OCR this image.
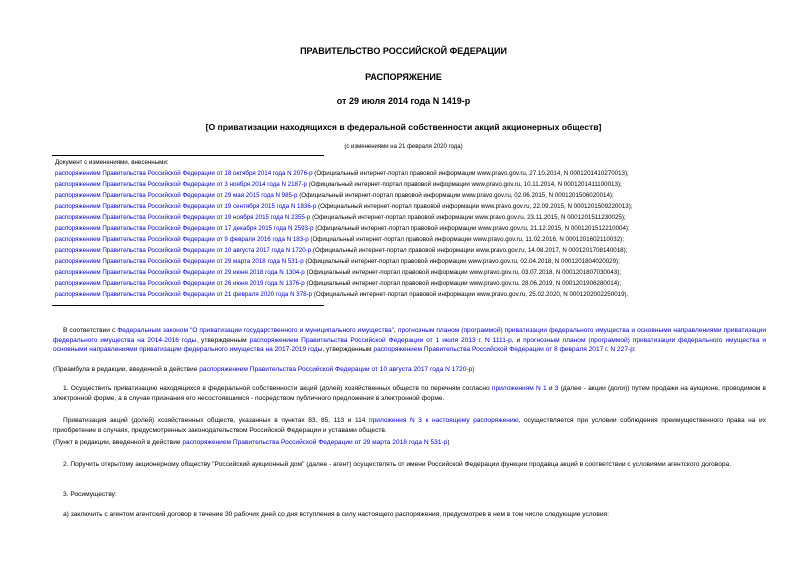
ПРАВИТЕЛЬСТВО РОССИЙСКОЙ ФЕДЕРАЦИИ
РАСПОРЯЖЕНИЕ
от 29 июля 2014 года N 1419-р
[О приватизации находящихся в федеральной собственности акций акционерных обществ]
(с изменениями на 21 февраля 2020 года)
Документ с изменениями, внесенными:
распоряжением Правительства Российской Федерации от 18 октября 2014 года N 2076-р (Официальный интернет-портал правовой информации www.pravo.gov.ru, 27.10.2014, N 0001201410270013);
распоряжением Правительства Российской Федерации от 3 ноября 2014 года N 2187-р (Официальный интернет-портал правовой информации www.pravo.gov.ru, 10.11.2014, N 0001201411100013);
распоряжением Правительства Российской Федерации от 29 мая 2015 года N 985-р (Официальный интернет-портал правовой информации www.pravo.gov.ru, 02.06.2015, N 0001201506020014);
распоряжением Правительства Российской Федерации от 19 сентября 2015 года N 1836-р (Официальный интернет-портал правовой информации www.pravo.gov.ru, 22.09.2015, N 0001201509220013);
распоряжением Правительства Российской Федерации от 19 ноября 2015 года N 2355-р (Официальный интернет-портал правовой информации www.pravo.gov.ru, 23.11.2015, N 0001201511230025);
распоряжением Правительства Российской Федерации от 17 декабря 2015 года N 2593-р (Официальный интернет-портал правовой информации www.pravo.gov.ru, 21.12.2015, N 0001201512210004);
распоряжением Правительства Российской Федерации от 9 февраля 2016 года N 183-р (Официальный интернет-портал правовой информации www.pravo.gov.ru, 11.02.2016, N 0001201602110032);
распоряжением Правительства Российской Федерации от 10 августа 2017 года N 1720-р (Официальный интернет-портал правовой информации www.pravo.gov.ru, 14.08.2017, N 0001201708140018);
распоряжением Правительства Российской Федерации от 29 марта 2018 года N 531-р (Официальный интернет-портал правовой информации www.pravo.gov.ru, 02.04.2018, N 0001201804020029);
распоряжением Правительства Российской Федерации от 29 июня 2018 года N 1304-р (Официальный интернет-портал правовой информации www.pravo.gov.ru, 03.07.2018, N 0001201807030043);
распоряжением Правительства Российской Федерации от 26 июня 2019 года N 1376-р (Официальный интернет-портал правовой информации www.pravo.gov.ru, 28.06.2019, N 0001201906280014);
распоряжением Правительства Российской Федерации от 21 февраля 2020 года N 378-р (Официальный интернет-портал правовой информации www.pravo.gov.ru, 25.02.2020, N 0001202002250019).
В соответствии с Федеральным законом "О приватизации государственного и муниципального имущества", прогнозным планом (программой) приватизации федерального имущества и основными направлениями приватизации федерального имущества на 2014-2016 годы, утвержденным распоряжением Правительства Российской Федерации от 1 июля 2013 г. N 1111-р, и прогнозным планом (программой) приватизации федерального имущества и основными направлениями приватизации федерального имущества на 2017-2019 годы, утвержденным распоряжением Правительства Российской Федерации от 8 февраля 2017 г. N 227-р:
(Преамбула в редакции, введенной в действие распоряжением Правительства Российской Федерации от 10 августа 2017 года N 1720-р)
1. Осуществить приватизацию находящихся в федеральной собственности акций (долей) хозяйственных обществ по перечням согласно приложениям N 1 и 3 (далее - акции (доли)) путем продажи на аукционе, проводимом в электронной форме, а в случае признания его несостоявшимся - посредством публичного предложения в электронной форме.
Приватизация акций (долей) хозяйственных обществ, указанных в пунктах 83, 85, 113 и 114 приложения N 3 к настоящему распоряжению, осуществляется при условии соблюдения преимущественного права на их приобретение в случаях, предусмотренных законодательством Российской Федерации и уставами обществ.
(Пункт в редакции, введенной в действие распоряжением Правительства Российской Федерации от 29 марта 2018 года N 531-р)
2. Поручить открытому акционерному обществу "Российский аукционный дом" (далее - агент) осуществлять от имени Российской Федерации функции продавца акций в соответствии с условиями агентского договора.
3. Росимуществу:
а) заключить с агентом агентский договор в течение 30 рабочих дней со дня вступления в силу настоящего распоряжения, предусмотрев в нем в том числе следующие условия:
